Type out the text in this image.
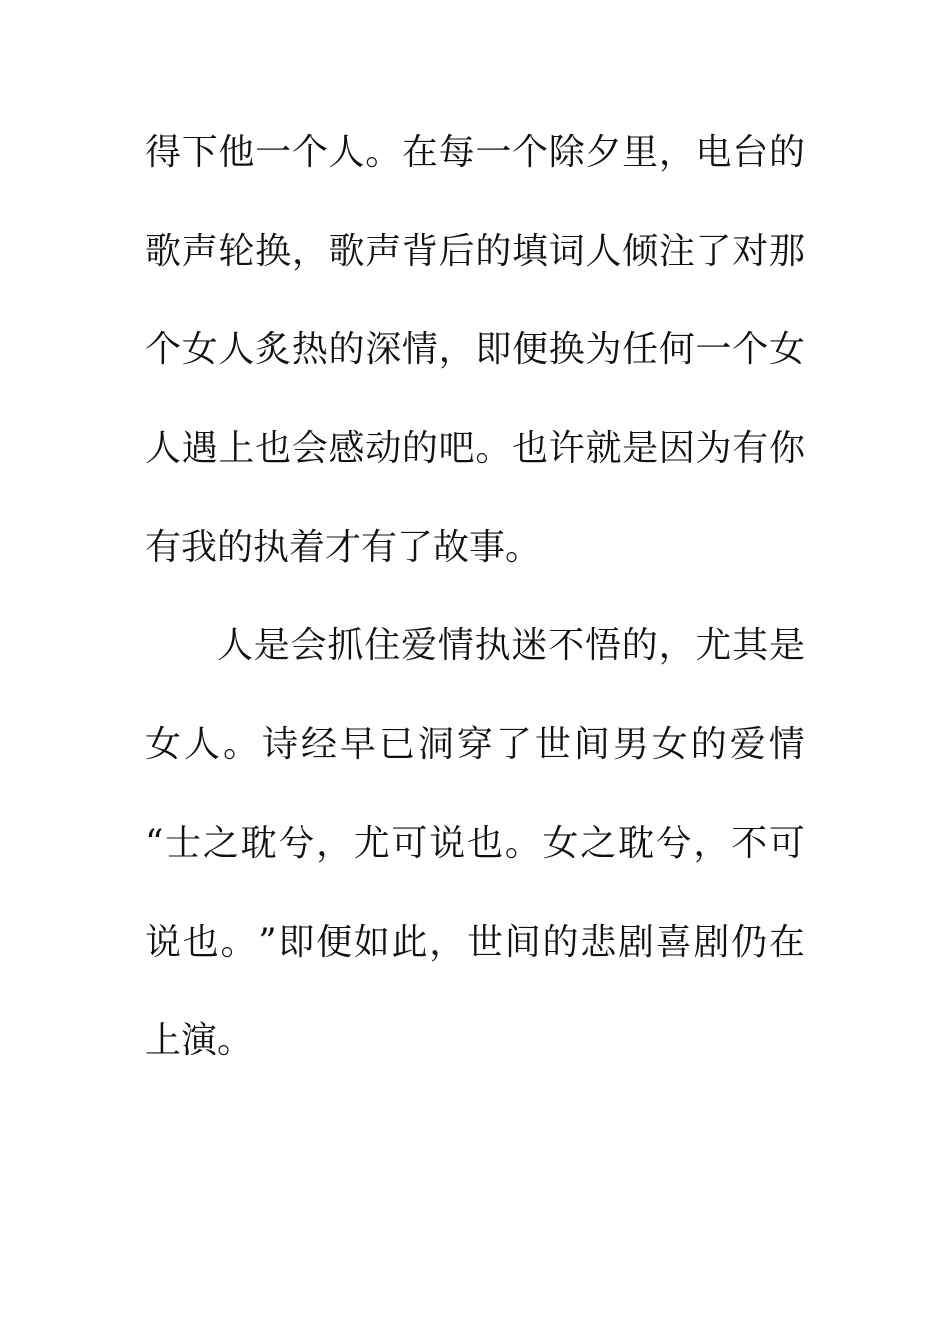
得 下 他 一 个 人 。 在 每 一 个 除 夕 里 ， 电 台 的
歌 声 轮 换 ， 歌 声 背 后 的 填 词 人 倾 注 了 对 那
个 女 人 炙 热 的 深 情 ， 即 便 换 为 任 何 一 个 女
人 遇 上 也 会 感 动 的 吧 。 也 许 就 是 因 为 有 你
有我的执着才有了故事。
人 是 会 抓 住 爱 情 执 迷 不 悟 的 ， 尤 其 是
女 人 。 诗 经 早 已 洞 穿 了 世 间 男 女 的 爱 情
“ 士 之 耽 兮 ， 尤 可 说 也 。 女 之 耽 兮 ， 不 可
说 也 。 ” 即 便 如 此 ， 世 间 的 悲 剧 喜 剧 仍 在
上演。
